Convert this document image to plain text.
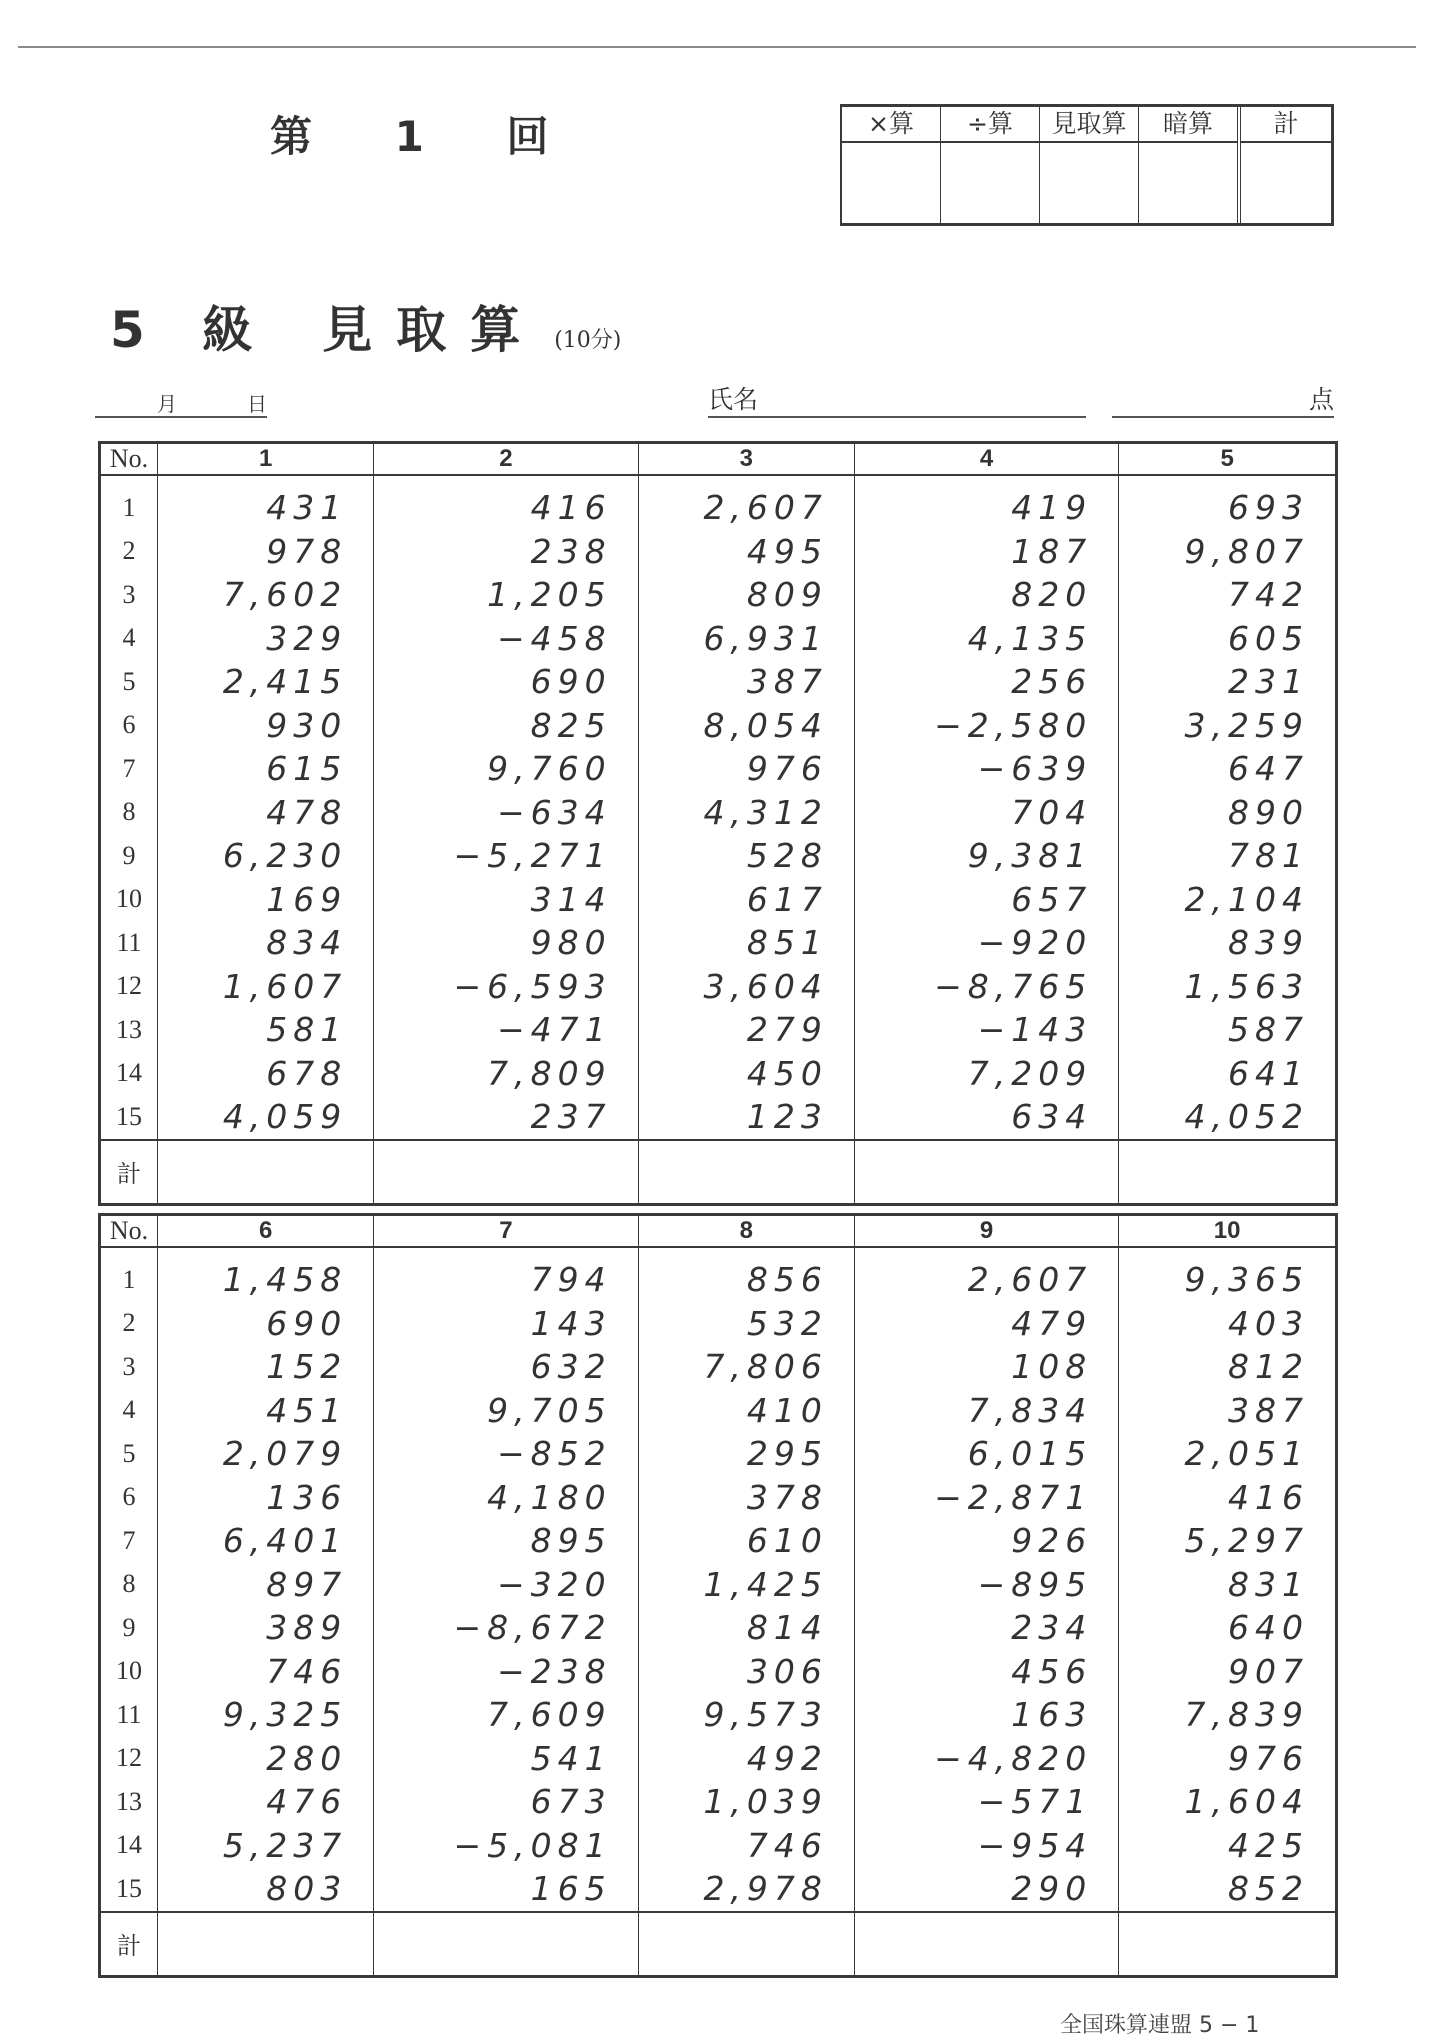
第 1 回	×算	÷算	見取算	暗算	計
5 級 見取算 (10分)
月	日	氏名	点
No.	1	2	3	4	5
1	431	416	2,607	419	693
2	978	238	495	187	9,807
3	7,602	1,205	809	820	742
4	329	−458	6,931	4,135	605
5	2,415	690	387	256	231
6	930	825	8,054	−2,580	3,259
7	615	9,760	976	−639	647
8	478	−634	4,312	704	890
9	6,230	−5,271	528	9,381	781
10	169	314	617	657	2,104
11	834	980	851	−920	839
12	1,607	−6,593	3,604	−8,765	1,563
13	581	−471	279	−143	587
14	678	7,809	450	7,209	641
15	4,059	237	123	634	4,052
計					
No.	6	7	8	9	10
1	1,458	794	856	2,607	9,365
2	690	143	532	479	403
3	152	632	7,806	108	812
4	451	9,705	410	7,834	387
5	2,079	−852	295	6,015	2,051
6	136	4,180	378	−2,871	416
7	6,401	895	610	926	5,297
8	897	−320	1,425	−895	831
9	389	−8,672	814	234	640
10	746	−238	306	456	907
11	9,325	7,609	9,573	163	7,839
12	280	541	492	−4,820	976
13	476	673	1,039	−571	1,604
14	5,237	−5,081	746	−954	425
15	803	165	2,978	290	852
計					
全国珠算連盟 5 − 1
